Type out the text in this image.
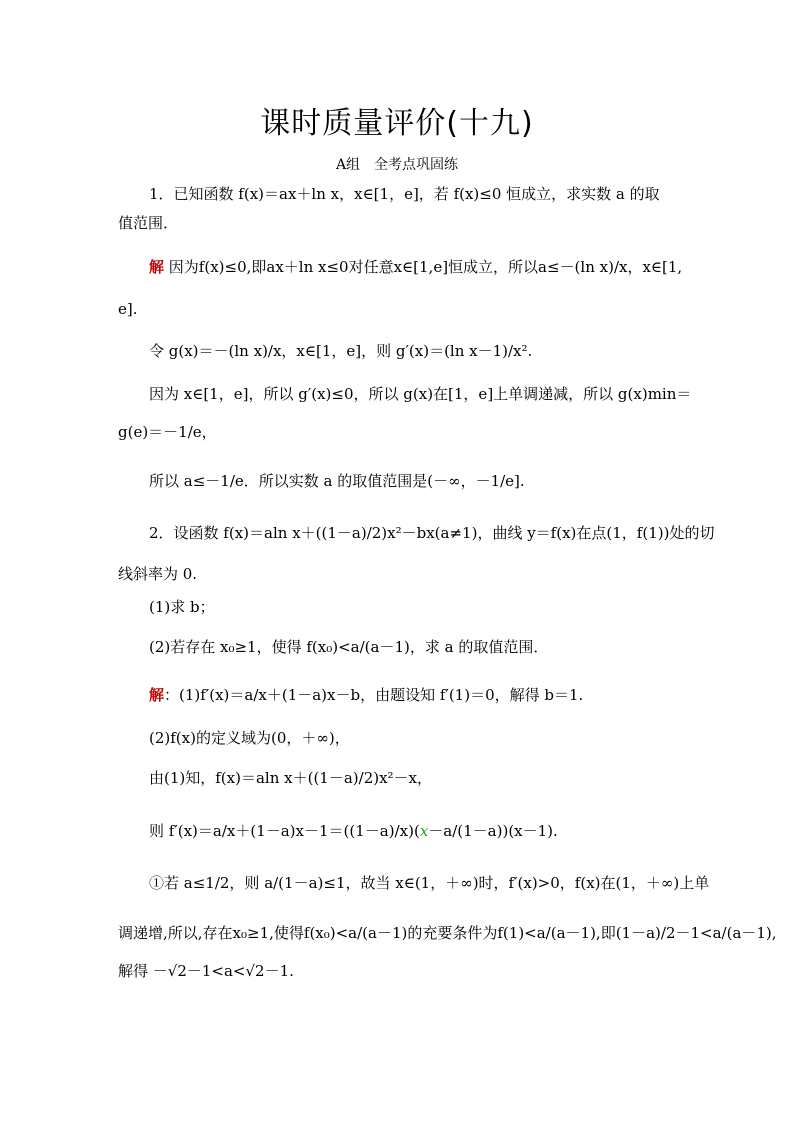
课时质量评价(十九)
A组　全考点巩固练
1．已知函数 f(x)＝ax＋ln x，x∈[1，e]，若 f(x)≤0 恒成立，求实数 a 的取
值范围．
解 因为f(x)≤0,即ax＋ln x≤0对任意x∈[1,e]恒成立，所以a≤－(ln x)/x，x∈[1,
e].
令 g(x)＝－(ln x)/x，x∈[1，e]，则 g′(x)＝(ln x－1)/x².
因为 x∈[1，e]，所以 g′(x)≤0，所以 g(x)在[1，e]上单调递减，所以 g(x)min＝
g(e)＝－1/e，
所以 a≤－1/e．所以实数 a 的取值范围是(－∞，－1/e].
2．设函数 f(x)＝aln x＋((1－a)/2)x²－bx(a≠1)，曲线 y＝f(x)在点(1，f(1))处的切
线斜率为 0.
(1)求 b；
(2)若存在 x₀≥1，使得 f(x₀)<a/(a－1)，求 a 的取值范围．
解：(1)f′(x)＝a/x＋(1－a)x－b，由题设知 f′(1)＝0，解得 b＝1.
(2)f(x)的定义域为(0，＋∞)，
由(1)知，f(x)＝aln x＋((1－a)/2)x²－x，
则 f′(x)＝a/x＋(1－a)x－1＝((1－a)/x)(x－a/(1－a))(x－1).
①若 a≤1/2，则 a/(1－a)≤1，故当 x∈(1，＋∞)时，f′(x)>0，f(x)在(1，＋∞)上单
调递增,所以,存在x₀≥1,使得f(x₀)<a/(a－1)的充要条件为f(1)<a/(a－1),即(1－a)/2－1<a/(a－1),
解得 －√2－1<a<√2－1.
